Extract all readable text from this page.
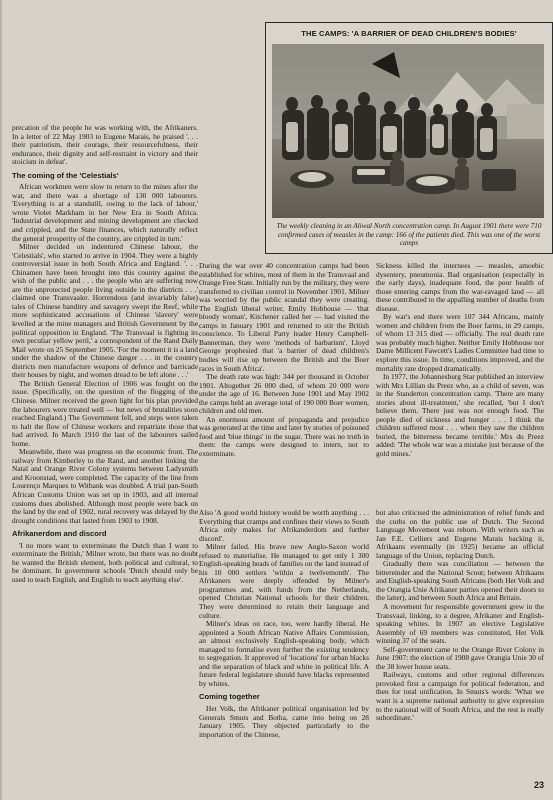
precation of the people he was working with, the Afrikaners. In a letter of 22 May 1903 to Eugene Marais, he praised '. . . their patriotism, their courage, their resourcefulness, their endurance, their dignity and self-restraint in victory and their stoicism in defeat'.

The coming of the 'Celestials'

African workmen were slow to return to the mines after the war, and there was a shortage of 130 000 labourers. 'Everything is at a standstill, owing to the lack of labour,' wrote Violet Markham in her New Era in South Africa. 'Industrial development and mining development are checked and crippled, and the State finances, which naturally reflect the general prosperity of the country, are crippled in turn.'

Milner decided on indentured Chinese labour, the 'Celestials', who started to arrive in 1904. They were a highly controversial issue in both South Africa and England. '. . . Chinamen have been brought into this country against the wish of the public and . . . the people who are suffering now are the unprotected people living outside in the districts . . .' claimed one Transvaaler. Horrendous (and invariably false) tales of Chinese banditry and savagery swept the Reef, while more sophisticated accusations of Chinese 'slavery' were levelled at the mine managers and British Government by the political opposition in England. 'The Transvaal is fighting its own peculiar yellow peril,' a correspondent of the Rand Daily Mail wrote on 25 September 1905. 'For the moment it is a land under the shadow of the Chinese danger . . . in the country districts men manufacture weapons of defence and barricade their houses by night, and women dread to be left alone . . .'

The British General Election of 1906 was fought on the issue. (Specifically, on the question of the flogging of the Chinese. Milner received the green light for his plan provided the labourers were treated well — but news of brutalities soon reached England.) The Government fell, and steps were taken to halt the flow of Chinese workers and repatriate those that had arrived. In March 1910 the last of the labourers sailed home.

Meanwhile, there was progress on the economic front. The railway from Kimberley to the Rand, and another linking the Natal and Orange River Colony systems between Ladysmith and Kroonstad, were completed. The capacity of the line from Lourenço Marques to Witbank was doubled. A trial pan-South African Customs Union was set up in 1903, and all internal customs dues abolished. Although most people were back on the land by the end of 1902, rural recovery was delayed by the drought conditions that lasted from 1903 to 1908.

Afrikanerdom and discord

'I no more want to exterminate the Dutch than I want to exterminate the British,' Milner wrote, but there was no doubt he wanted the British element, both political and cultural, to be dominant. In government schools 'Dutch should only be used to teach English, and English to teach anything else'.

THE CAMPS: 'A BARRIER OF DEAD CHILDREN'S BODIES'
The weekly cleaning in an Aliwal North concentration camp. In August 1901 there were 710 confirmed cases of measles in the camp: 166 of the patients died. This was one of the worst camps

During the war over 40 concentration camps had been established for whites, most of them in the Transvaal and Orange Free State. Initially run by the military, they were transferred to civilian control in November 1901. Milner was worried by the public scandal they were creating. The English liberal writer, Emily Hobhouse — 'that bloody woman', Kitchener called her — had visited the camps in January 1901 and returned to stir the British conscience. To Liberal Party leader Henry Campbell-Bannerman, they were 'methods of barbarism'. Lloyd George prophesied that 'a barrier of dead children's bodies will rise up between the British and the Boer races in South Africa'.

The death rate was high: 344 per thousand in October 1901. Altogether 26 000 died, of whom 20 000 were under the age of 16. Between June 1901 and May 1902 the camps held an average total of 190 000 Boer women, children and old men.

An enormous amount of propaganda and prejudice was generated at the time and later by stories of poisoned food and 'blue things' in the sugar. There was no truth in them: the camps were designed to intern, not to exterminate.

Also 'A good world history would be worth anything . . . Everything that cramps and confines their views to South Africa only makes for Afrikanderdom and further discord'.

Milner failed. His brave new Anglo-Saxon world refused to materialise. He managed to get only 1 300 English-speaking heads of families on the land instead of his 10 000 settlers 'within a twelvemonth'. The Afrikaners were deeply offended by Milner's programmes and, with funds from the Netherlands, opened Christian National schools for their children. They were determined to retain their language and culture.

Milner's ideas on race, too, were hardly liberal. He appointed a South African Native Affairs Commission, an almost exclusively English-speaking body, which managed to formalise even further the existing tendency to segregation. It approved of 'locations' for urban blacks and the separation of black and white in political life. A future federal legislature should have blacks represented by whites.

Coming together

Het Volk, the Afrikaner political organisation led by Generals Smuts and Botha, came into being on 28 January 1905. They objected particularly to the importation of the Chinese,

Sickness killed the internees — measles, amoebic dysentery, pneumonia. Bad organisation (especially in the early days), inadequate food, the poor health of those entering camps from the war-ravaged land — all these contributed to the appalling number of deaths from disease.

By war's end there were 107 344 Africans, mainly women and children from the Boer farms, in 29 camps, of whom 13 315 died — officially. The real death rate was probably much higher. Neither Emily Hobhouse nor Dame Millicent Fawcett's Ladies Committee had time to explore this issue. In time, conditions improved, and the mortality rate dropped dramatically.

In 1977, the Johannesburg Star published an interview with Mrs Lillian du Preez who, as a child of seven, was in the Standerton concentration camp. 'There are many stories about ill-treatment,' she recalled, 'but I don't believe them. There just was not enough food. The people died of sickness and hunger . . . I think the children suffered most . . . when they saw the children buried, the bitterness became terrible.' Mrs du Preez added: 'The whole war was a mistake just because of the gold mines.'

but also criticised the administration of relief funds and the curbs on the public use of Dutch. The Second Language Movement was reborn. With writers such as Jan F.E. Celliers and Eugene Marais backing it, Afrikaans eventually (in 1925) became an official language of the Union, replacing Dutch.

Gradually there was conciliation — between the bittereinder and the National Scout; between Afrikaans and English-speaking South Africans (both Het Volk and the Orangia Unie Afrikaner parties opened their doors to the latter), and between South Africa and Britain.

A movement for responsible government grew in the Transvaal, linking, to a degree, Afrikaner and English-speaking whites. In 1907 an elective Legislative Assembly of 69 members was constituted, Het Volk winning 37 of the seats.

Self-government came to the Orange River Colony in June 1907: the election of 1908 gave Orangia Unie 30 of the 38 lower house seats.

Railways, customs and other regional differences provoked first a campaign for political federation, and then for total unification. In Smuts's words: 'What we want is a supreme national authority to give expression to the national will of South Africa, and the rest is really subordinate.'

23
